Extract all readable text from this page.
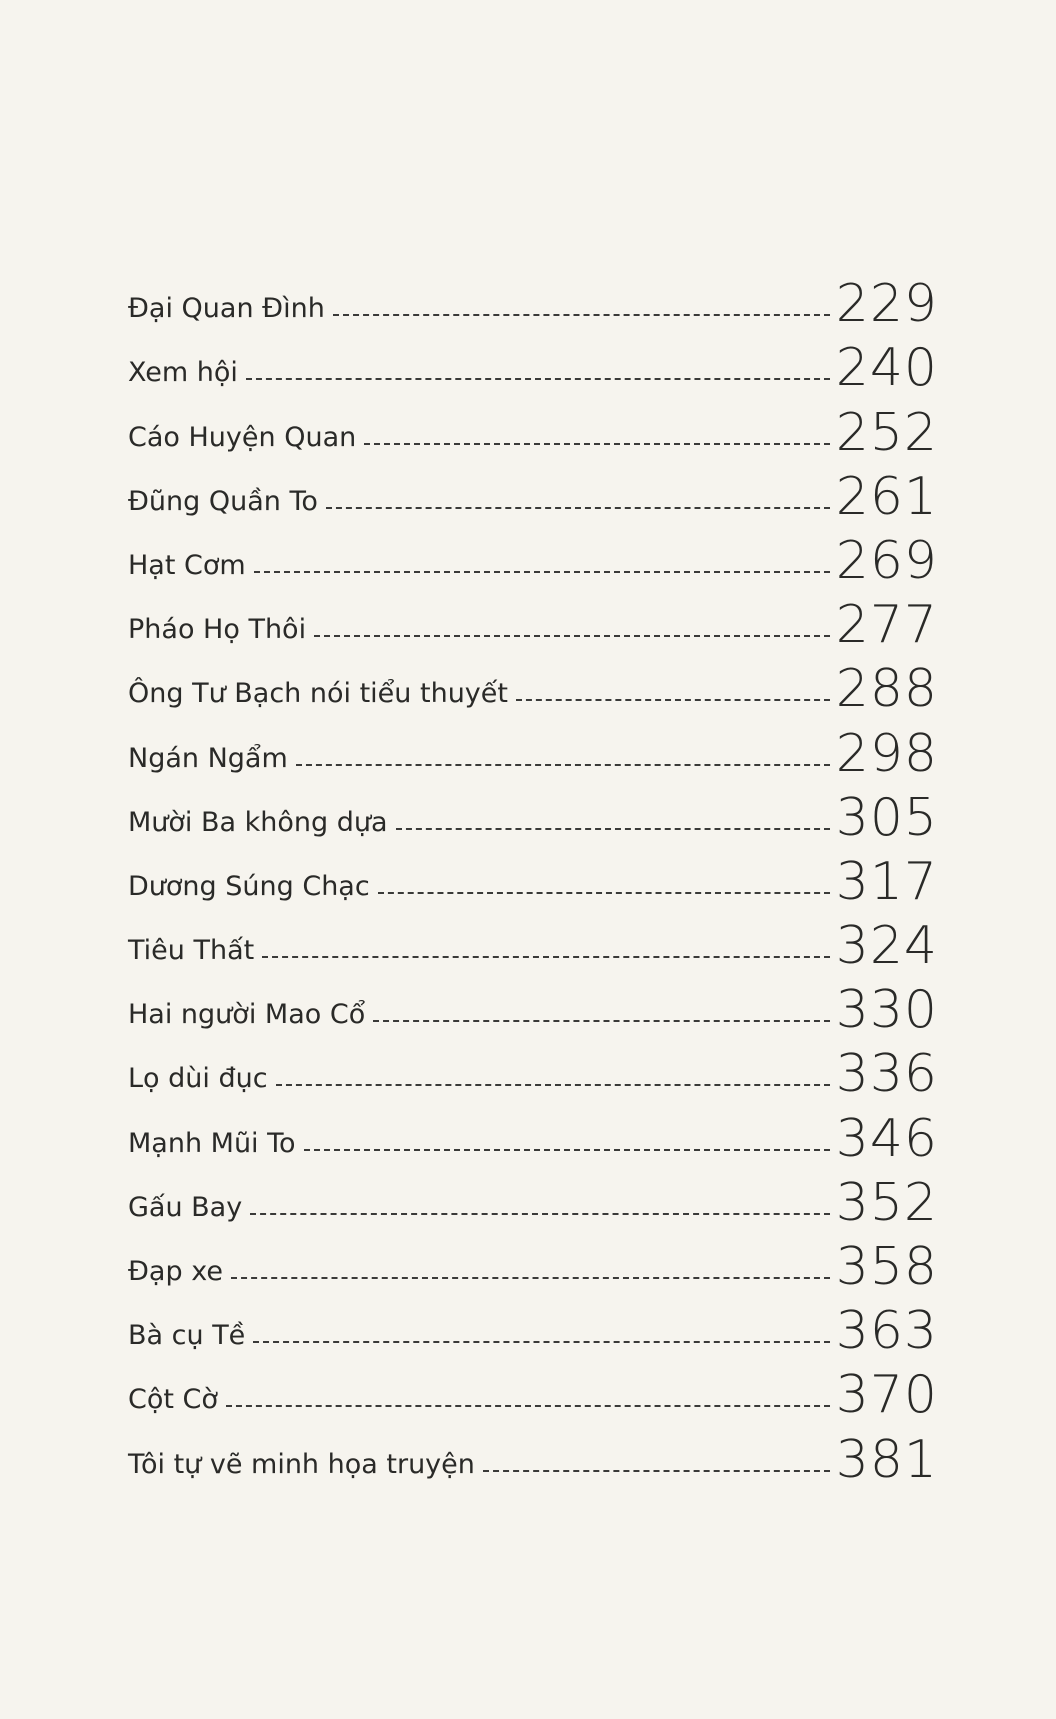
Đại Quan Đình	229
Xem hội	240
Cáo Huyện Quan	252
Đũng Quần To	261
Hạt Cơm	269
Pháo Họ Thôi	277
Ông Tư Bạch nói tiểu thuyết	288
Ngán Ngẩm	298
Mười Ba không dựa	305
Dương Súng Chạc	317
Tiêu Thất	324
Hai người Mao Cổ	330
Lọ dùi đục	336
Mạnh Mũi To	346
Gấu Bay	352
Đạp xe	358
Bà cụ Tề	363
Cột Cờ	370
Tôi tự vẽ minh họa truyện	381
